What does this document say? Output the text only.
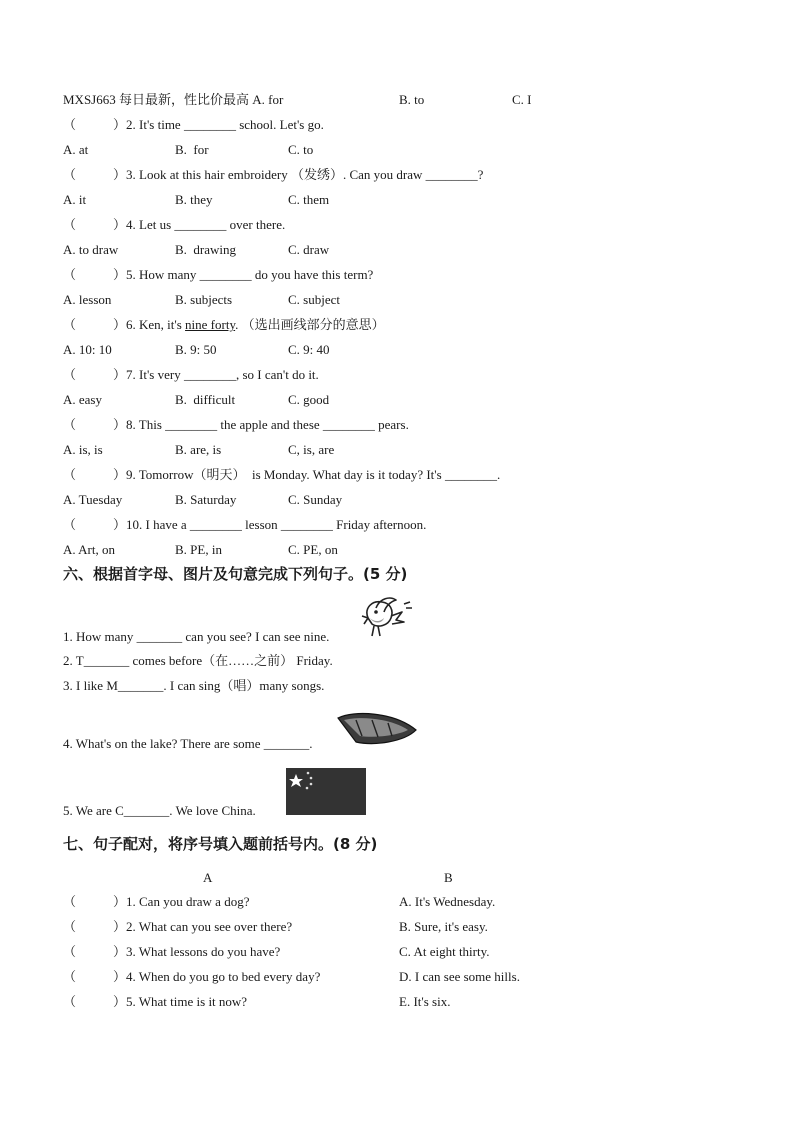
MXSJ663 每日最新，性比价最高 A. for	B. to	C. I
（	）2. It's time ________ school. Let's go.
A. at	B.  for	C. to
（	）3. Look at this hair embroidery （发绣）. Can you draw ________?
A. it	B. they	C. them
（	）4. Let us ________ over there.
A. to draw	B.  drawing	C. draw
（	）5. How many ________ do you have this term?
A. lesson	B. subjects	C. subject
（	）6. Ken, it's nine forty. （选出画线部分的意思）
A. 10: 10	B. 9: 50	C. 9: 40
（	）7. It's very ________, so I can't do it.
A. easy	B.  difficult	C. good
（	）8. This ________ the apple and these ________ pears.
A. is, is	B. are, is	C, is, are
（	）9. Tomorrow（明天）  is Monday. What day is it today? It's ________.
A. Tuesday	B. Saturday	C. Sunday
（	）10. I have a ________ lesson ________ Friday afternoon.
A. Art, on	B. PE, in	C. PE, on
六、根据首字母、图片及句意完成下列句子。(5 分)
1. How many _______ can you see? I can see nine.
2. T_______ comes before（在……之前） Friday.
3. I like M_______. I can sing（唱）many songs.
4. What's on the lake? There are some _______.
5. We are C_______. We love China.
七、句子配对，将序号填入题前括号内。(8 分)
A	B
（	）1. Can you draw a dog?	A. It's Wednesday.
（	）2. What can you see over there?	B. Sure, it's easy.
（	）3. What lessons do you have?	C. At eight thirty.
（	）4. When do you go to bed every day?	D. I can see some hills.
（	）5. What time is it now?	E. It's six.
